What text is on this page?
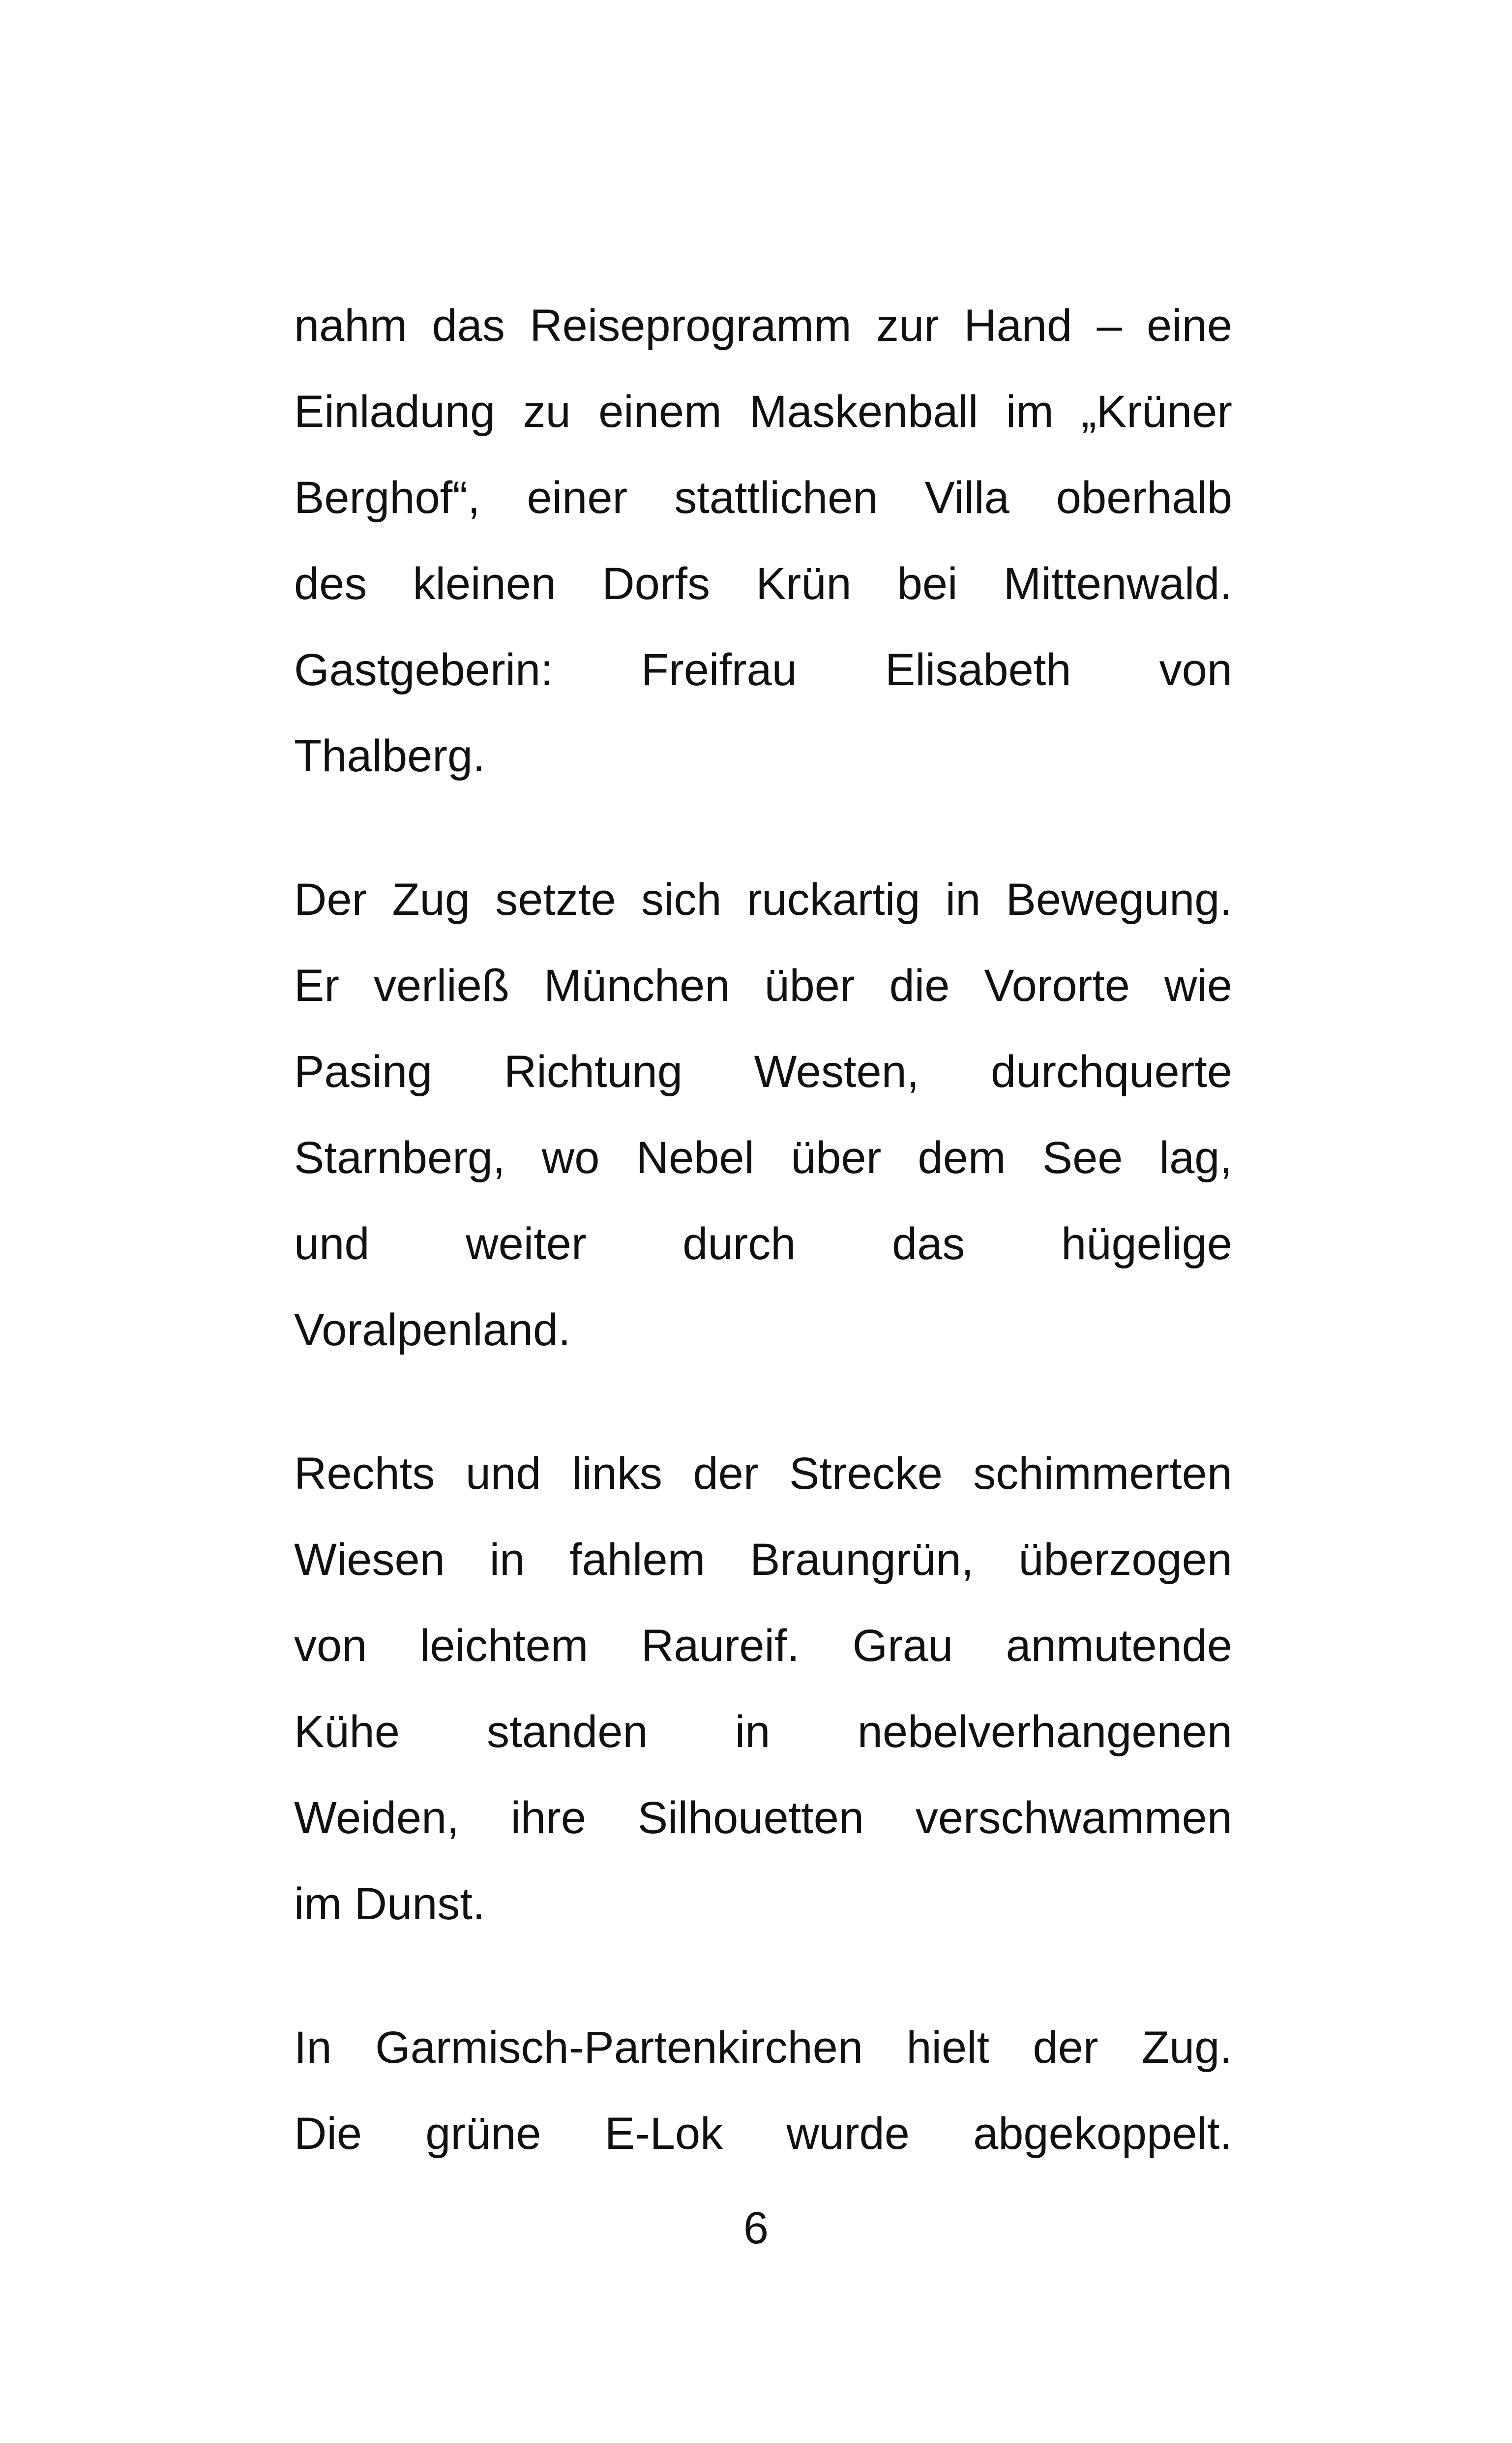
nahm das Reiseprogramm zur Hand – eine
Einladung zu einem Maskenball im „Krüner
Berghof“, einer stattlichen Villa oberhalb
des kleinen Dorfs Krün bei Mittenwald.
Gastgeberin: Freifrau Elisabeth von
Thalberg.
Der Zug setzte sich ruckartig in Bewegung.
Er verließ München über die Vororte wie
Pasing Richtung Westen, durchquerte
Starnberg, wo Nebel über dem See lag,
und weiter durch das hügelige
Voralpenland.
Rechts und links der Strecke schimmerten
Wiesen in fahlem Braungrün, überzogen
von leichtem Raureif. Grau anmutende
Kühe standen in nebelverhangenen
Weiden, ihre Silhouetten verschwammen
im Dunst.
In Garmisch-Partenkirchen hielt der Zug.
Die grüne E-Lok wurde abgekoppelt.
6
